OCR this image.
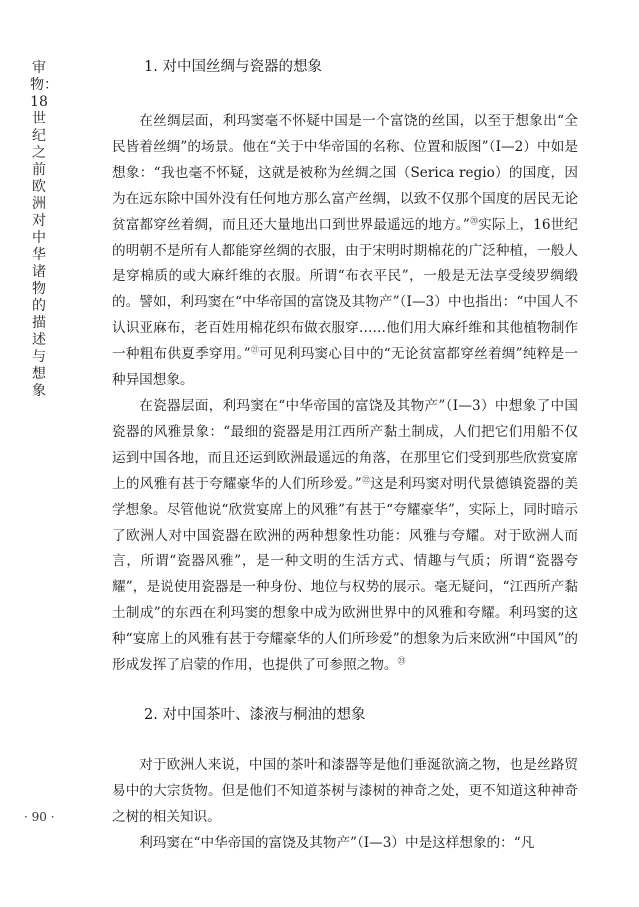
审物：18世纪之前欧洲对中华诸物的描述与想象
· 90 ·
1. 对中国丝绸与瓷器的想象

在丝绸层面，利玛窦毫不怀疑中国是一个富饶的丝国，以至于想象出“全民皆着丝绸”的场景。他在“关于中华帝国的名称、位置和版图”（Ⅰ—2）中如是想象：“我也毫不怀疑，这就是被称为丝绸之国（Serica regio）的国度，因为在远东除中国外没有任何地方那么富产丝绸，以致不仅那个国度的居民无论贫富都穿丝着绸，而且还大量地出口到世界最遥远的地方。”⑳实际上，16世纪的明朝不是所有人都能穿丝绸的衣服，由于宋明时期棉花的广泛种植，一般人是穿棉质的或大麻纤维的衣服。所谓“布衣平民”，一般是无法享受绫罗绸缎的。譬如，利玛窦在“中华帝国的富饶及其物产”（Ⅰ—3）中也指出：“中国人不认识亚麻布，老百姓用棉花织布做衣服穿……他们用大麻纤维和其他植物制作一种粗布供夏季穿用。”$^㉑$可见利玛窦心目中的“无论贫富都穿丝着绸”纯粹是一种异国想象。

在瓷器层面，利玛窦在“中华帝国的富饶及其物产”（Ⅰ—3）中想象了中国瓷器的风雅景象：“最细的瓷器是用江西所产黏土制成，人们把它们用船不仅运到中国各地，而且还运到欧洲最遥远的角落，在那里它们受到那些欣赏宴席上的风雅有甚于夸耀豪华的人们所珍爱。”$^㉒$这是利玛窦对明代景德镇瓷器的美学想象。尽管他说“欣赏宴席上的风雅”有甚于“夸耀豪华”，实际上，同时暗示了欧洲人对中国瓷器在欧洲的两种想象性功能：风雅与夸耀。对于欧洲人而言，所谓“瓷器风雅”，是一种文明的生活方式、情趣与气质；所谓“瓷器夸耀”，是说使用瓷器是一种身份、地位与权势的展示。毫无疑问，“江西所产黏土制成”的东西在利玛窦的想象中成为欧洲世界中的风雅和夸耀。利玛窦的这种“宴席上的风雅有甚于夸耀豪华的人们所珍爱”的想象为后来欧洲“中国风”的形成发挥了启蒙的作用，也提供了可参照之物。$^㉓$

2. 对中国茶叶、漆液与桐油的想象

对于欧洲人来说，中国的茶叶和漆器等是他们垂涎欲滴之物，也是丝路贸易中的大宗货物。但是他们不知道茶树与漆树的神奇之处，更不知道这种神奇之树的相关知识。

利玛窦在“中华帝国的富饶及其物产”（Ⅰ—3）中是这样想象的：“凡
